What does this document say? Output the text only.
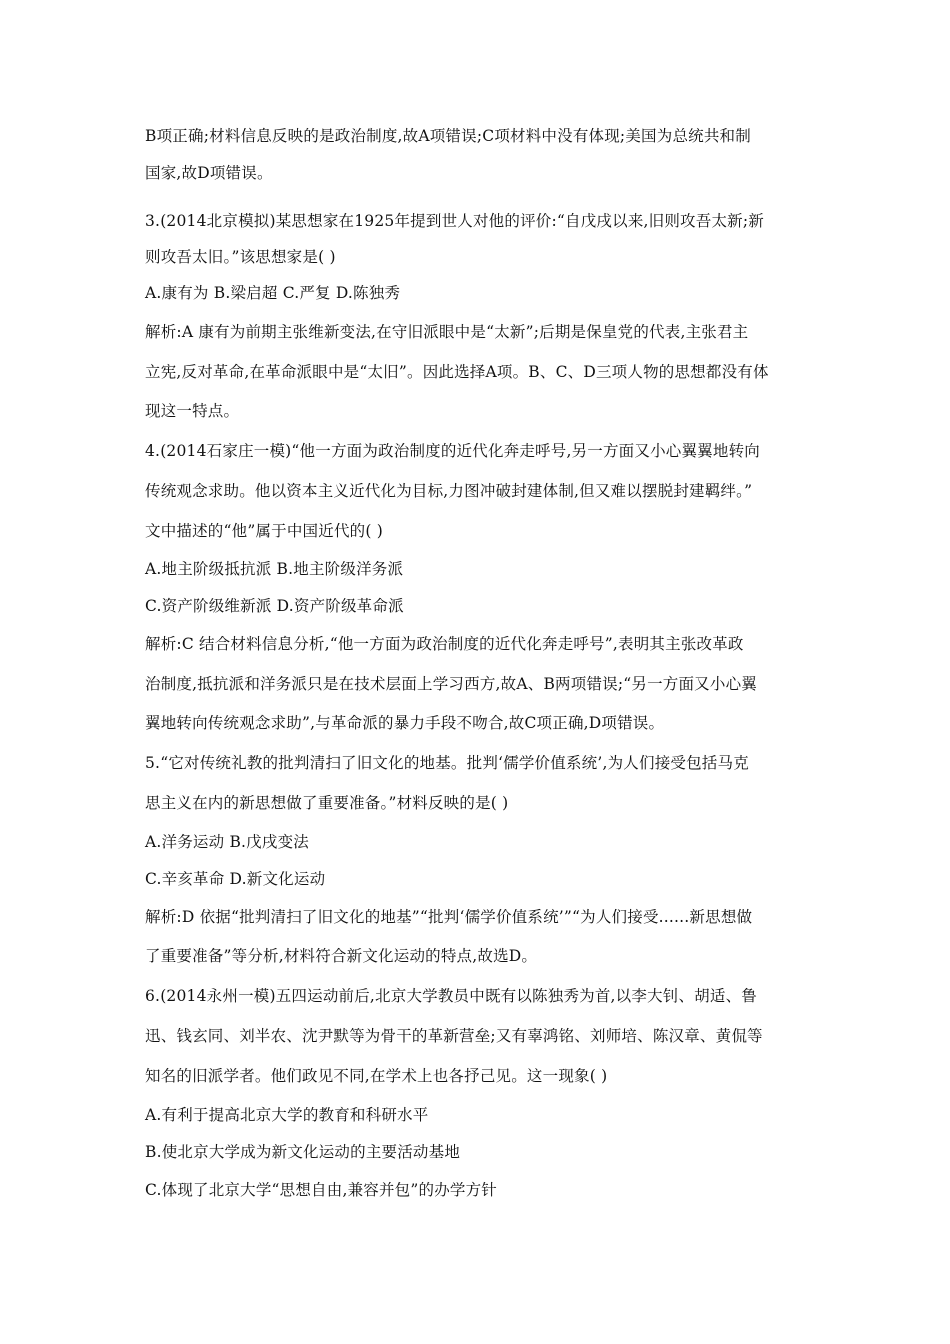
B项正确;材料信息反映的是政治制度,故A项错误;C项材料中没有体现;美国为总统共和制
国家,故D项错误。
3.(2014北京模拟)某思想家在1925年提到世人对他的评价:“自戊戌以来,旧则攻吾太新;新
则攻吾太旧。”该思想家是( )
A.康有为 B.梁启超 C.严复 D.陈独秀
解析:A 康有为前期主张维新变法,在守旧派眼中是“太新”;后期是保皇党的代表,主张君主
立宪,反对革命,在革命派眼中是“太旧”。因此选择A项。B、C、D三项人物的思想都没有体
现这一特点。
4.(2014石家庄一模)“他一方面为政治制度的近代化奔走呼号,另一方面又小心翼翼地转向
传统观念求助。他以资本主义近代化为目标,力图冲破封建体制,但又难以摆脱封建羁绊。”
文中描述的“他”属于中国近代的( )
A.地主阶级抵抗派 B.地主阶级洋务派
C.资产阶级维新派 D.资产阶级革命派
解析:C 结合材料信息分析,“他一方面为政治制度的近代化奔走呼号”,表明其主张改革政
治制度,抵抗派和洋务派只是在技术层面上学习西方,故A、B两项错误;“另一方面又小心翼
翼地转向传统观念求助”,与革命派的暴力手段不吻合,故C项正确,D项错误。
5.“它对传统礼教的批判清扫了旧文化的地基。批判‘儒学价值系统’,为人们接受包括马克
思主义在内的新思想做了重要准备。”材料反映的是( )
A.洋务运动 B.戊戌变法
C.辛亥革命 D.新文化运动
解析:D 依据“批判清扫了旧文化的地基”“批判‘儒学价值系统’”“为人们接受......新思想做
了重要准备”等分析,材料符合新文化运动的特点,故选D。
6.(2014永州一模)五四运动前后,北京大学教员中既有以陈独秀为首,以李大钊、胡适、鲁
迅、钱玄同、刘半农、沈尹默等为骨干的革新营垒;又有辜鸿铭、刘师培、陈汉章、黄侃等
知名的旧派学者。他们政见不同,在学术上也各抒己见。这一现象( )
A.有利于提高北京大学的教育和科研水平
B.使北京大学成为新文化运动的主要活动基地
C.体现了北京大学“思想自由,兼容并包”的办学方针
